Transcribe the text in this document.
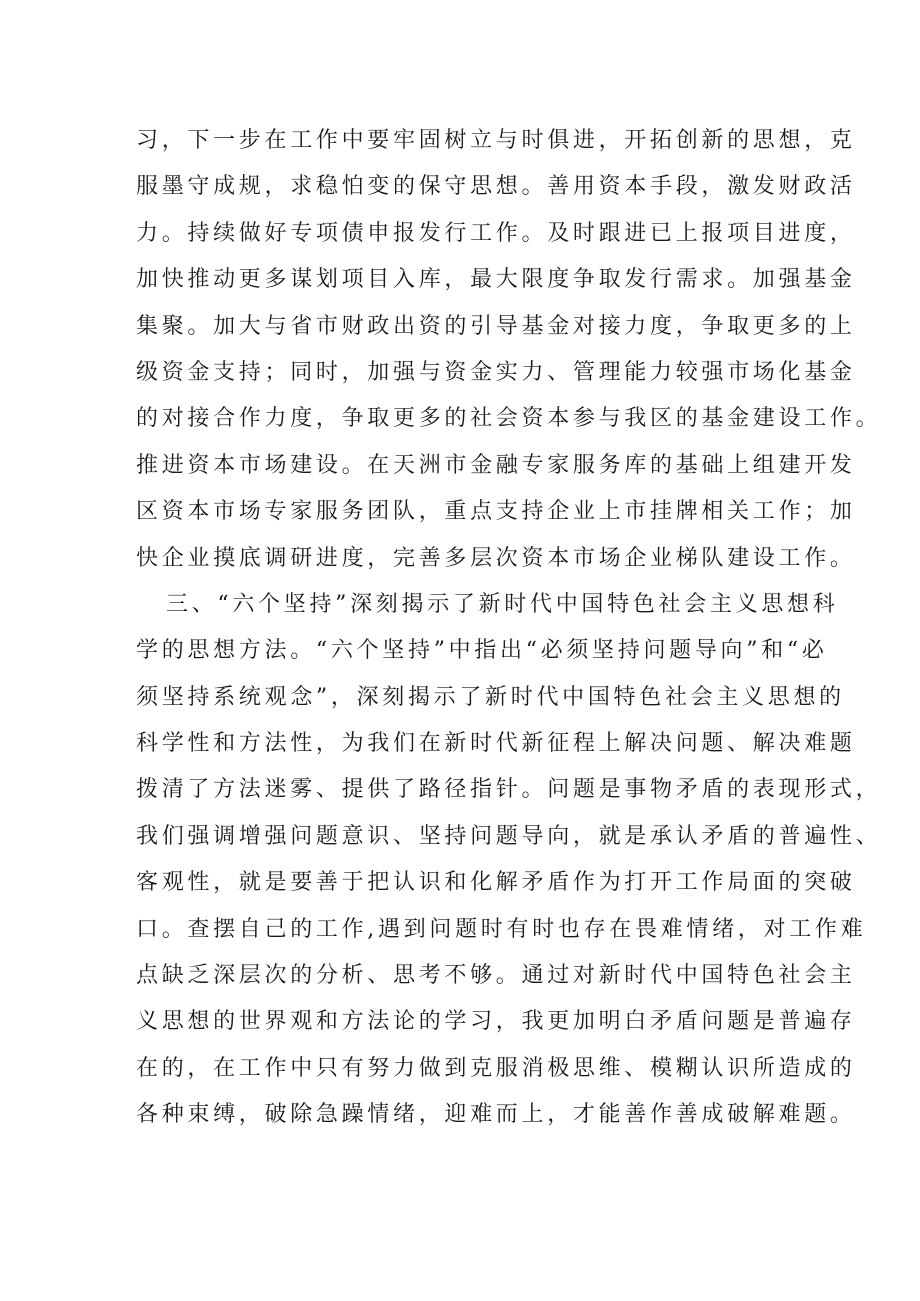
习，下一步在工作中要牢固树立与时俱进，开拓创新的思想，克
服墨守成规，求稳怕变的保守思想。善用资本手段，激发财政活
力。持续做好专项债申报发行工作。及时跟进已上报项目进度，
加快推动更多谋划项目入库，最大限度争取发行需求。加强基金
集聚。加大与省市财政出资的引导基金对接力度，争取更多的上
级资金支持；同时，加强与资金实力、管理能力较强市场化基金
的对接合作力度，争取更多的社会资本参与我区的基金建设工作。
推进资本市场建设。在天洲市金融专家服务库的基础上组建开发
区资本市场专家服务团队，重点支持企业上市挂牌相关工作；加
快企业摸底调研进度，完善多层次资本市场企业梯队建设工作。
三、“六个坚持”深刻揭示了新时代中国特色社会主义思想科
学的思想方法。“六个坚持”中指出“必须坚持问题导向”和“必
须坚持系统观念”，深刻揭示了新时代中国特色社会主义思想的
科学性和方法性，为我们在新时代新征程上解决问题、解决难题
拨清了方法迷雾、提供了路径指针。问题是事物矛盾的表现形式，
我们强调增强问题意识、坚持问题导向，就是承认矛盾的普遍性、
客观性，就是要善于把认识和化解矛盾作为打开工作局面的突破
口。查摆自己的工作,遇到问题时有时也存在畏难情绪，对工作难
点缺乏深层次的分析、思考不够。通过对新时代中国特色社会主
义思想的世界观和方法论的学习，我更加明白矛盾问题是普遍存
在的，在工作中只有努力做到克服消极思维、模糊认识所造成的
各种束缚，破除急躁情绪，迎难而上，才能善作善成破解难题。
